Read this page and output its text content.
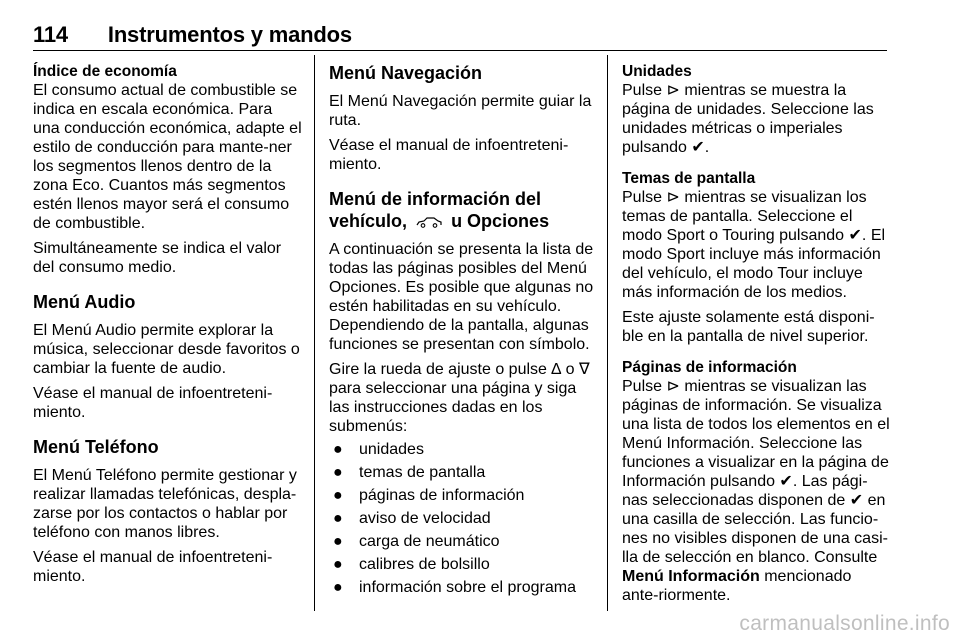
114 Instrumentos y mandos

Índice de economía

El consumo actual de combustible se indica en escala económica. Para una conducción económica, adapte el estilo de conducción para mante-ner los segmentos llenos dentro de la zona Eco. Cuantos más segmentos estén llenos mayor será el consumo de combustible.

Simultáneamente se indica el valor del consumo medio.

Menú Audio

El Menú Audio permite explorar la música, seleccionar desde favoritos o cambiar la fuente de audio.

Véase el manual de infoentreteni-miento.

Menú Teléfono

El Menú Teléfono permite gestionar y realizar llamadas telefónicas, despla-zarse por los contactos o hablar por teléfono con manos libres.

Véase el manual de infoentreteni-miento.

Menú Navegación

El Menú Navegación permite guiar la ruta.

Véase el manual de infoentreteni-miento.

Menú de información del
vehículo, u Opciones

A continuación se presenta la lista de todas las páginas posibles del Menú Opciones. Es posible que algunas no estén habilitadas en su vehículo. Dependiendo de la pantalla, algunas funciones se presentan con símbolo.

Gire la rueda de ajuste o pulse ∆ o ∇ para seleccionar una página y siga las instrucciones dadas en los submenús:

●	unidades
●	temas de pantalla
●	páginas de información
●	aviso de velocidad
●	carga de neumático
●	calibres de bolsillo
●	información sobre el programa

Unidades

Pulse ⊳ mientras se muestra la página de unidades. Seleccione las unidades métricas o imperiales pulsando ✔.

Temas de pantalla

Pulse ⊳ mientras se visualizan los temas de pantalla. Seleccione el modo Sport o Touring pulsando ✔. El modo Sport incluye más información del vehículo, el modo Tour incluye más información de los medios.

Este ajuste solamente está disponi-ble en la pantalla de nivel superior.

Páginas de información

Pulse ⊳ mientras se visualizan las páginas de información. Se visualiza una lista de todos los elementos en el Menú Información. Seleccione las funciones a visualizar en la página de Información pulsando ✔. Las pági-nas seleccionadas disponen de ✔ en una casilla de selección. Las funcio-nes no visibles disponen de una casi-lla de selección en blanco. Consulte Menú Información mencionado ante-riormente.

carmanualsonline.info
